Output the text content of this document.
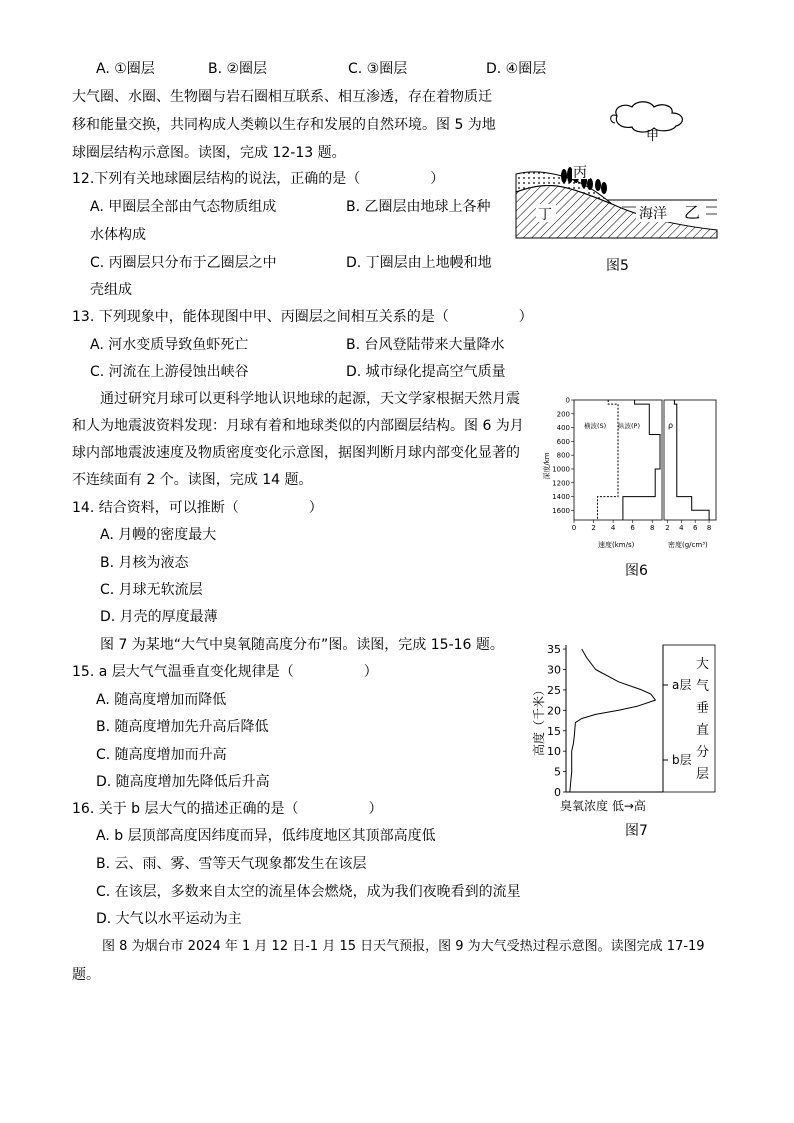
A. ①圈层	B. ②圈层	C. ③圈层	D. ④圈层
大气圈、水圈、生物圈与岩石圈相互联系、相互渗透，存在着物质迁
移和能量交换，共同构成人类赖以生存和发展的自然环境。图 5 为地
球圈层结构示意图。读图，完成 12-13 题。
12.下列有关地球圈层结构的说法，正确的是（　　　　　）
A. 甲圈层全部由气态物质组成	B. 乙圈层由地球上各种
水体构成
C. 丙圈层只分布于乙圈层之中	D. 丁圈层由上地幔和地
壳组成
13. 下列现象中，能体现图中甲、丙圈层之间相互关系的是（　　　　　）
A. 河水变质导致鱼虾死亡	B. 台风登陆带来大量降水
C. 河流在上游侵蚀出峡谷	D. 城市绿化提高空气质量
通过研究月球可以更科学地认识地球的起源，天文学家根据天然月震
和人为地震波资料发现：月球有着和地球类似的内部圈层结构。图 6 为月
球内部地震波速度及物质密度变化示意图，据图判断月球内部变化显著的
不连续面有 2 个。读图，完成 14 题。
14. 结合资料，可以推断（　　　　　）
A. 月幔的密度最大
B. 月核为液态
C. 月球无软流层
D. 月壳的厚度最薄
图 7 为某地“大气中臭氧随高度分布”图。读图，完成 15-16 题。
15. a 层大气气温垂直变化规律是（　　　　　）
A. 随高度增加而降低
B. 随高度增加先升高后降低
C. 随高度增加而升高
D. 随高度增加先降低后升高
16. 关于 b 层大气的描述正确的是（　　　　　）
A. b 层顶部高度因纬度而异，低纬度地区其顶部高度低
B. 云、雨、雾、雪等天气现象都发生在该层
C. 在该层，多数来自太空的流星体会燃烧，成为我们夜晚看到的流星
D. 大气以水平运动为主
图 8 为烟台市 2024 年 1 月 12 日-1 月 15 日天气预报，图 9 为大气受热过程示意图。读图完成 17-19
题。
甲
丙
丁	海洋 乙
图5
0
200
400
600
800
1000
1200
1400
1600
0 2 4 6 8 2 4 6 8
深度/km
横波(S) 纵波(P)	ρ
速度(km/s)	密度(g/cm³)
图6
35
30
25
20
15
10
5
0
高度（千米）
臭氧浓度 低→高
a层
b层
大
气
垂
直
分
层
图7
